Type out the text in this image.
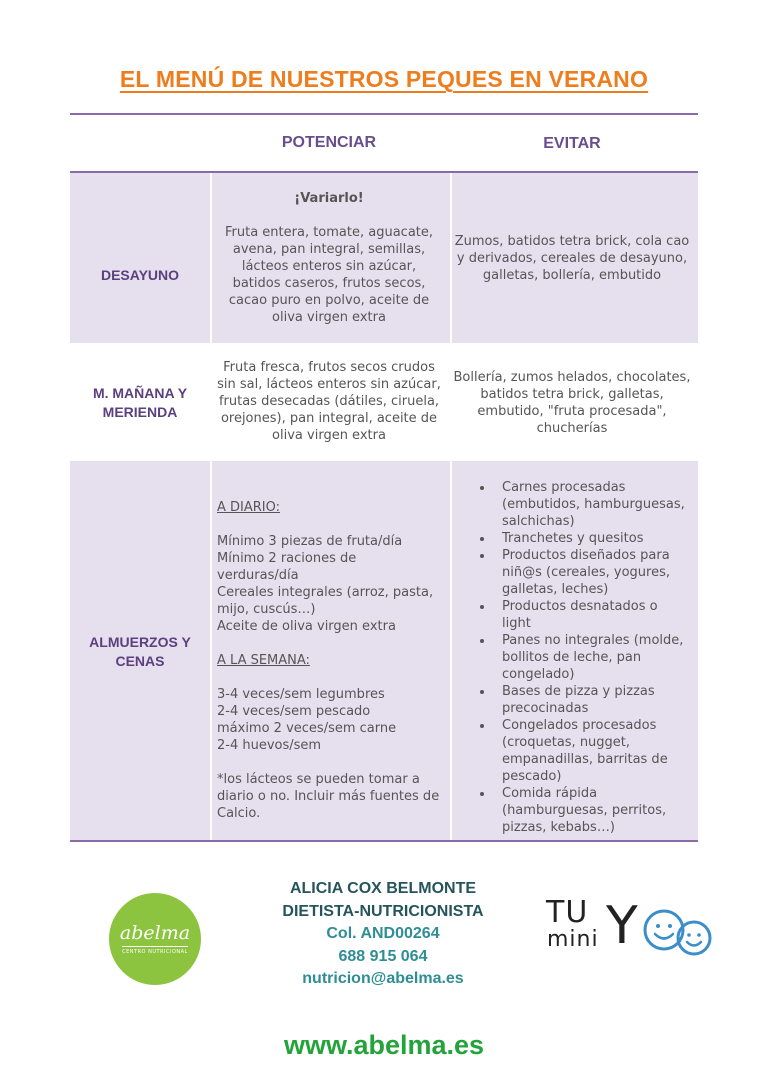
EL MENÚ DE NUESTROS PEQUES EN VERANO
POTENCIAR	EVITAR
DESAYUNO
¡Variarlo!
Fruta entera, tomate, aguacate, avena, pan integral, semillas, lácteos enteros sin azúcar, batidos caseros, frutos secos, cacao puro en polvo, aceite de oliva virgen extra
Zumos, batidos tetra brick, cola cao y derivados, cereales de desayuno, galletas, bollería, embutido
M. MAÑANA Y MERIENDA
Fruta fresca, frutos secos crudos sin sal, lácteos enteros sin azúcar, frutas desecadas (dátiles, ciruela, orejones), pan integral, aceite de oliva virgen extra
Bollería, zumos helados, chocolates, batidos tetra brick, galletas, embutido, "fruta procesada", chucherías
ALMUERZOS Y CENAS
A DIARIO:
Mínimo 3 piezas de fruta/día
Mínimo 2 raciones de verduras/día
Cereales integrales (arroz, pasta, mijo, cuscús…)
Aceite de oliva virgen extra
A LA SEMANA:
3-4 veces/sem legumbres
2-4 veces/sem pescado
máximo 2 veces/sem carne
2-4 huevos/sem
*los lácteos se pueden tomar a diario o no. Incluir más fuentes de Calcio.
Carnes procesadas (embutidos, hamburguesas, salchichas)
Tranchetes y quesitos
Productos diseñados para niñ@s (cereales, yogures, galletas, leches)
Productos desnatados o light
Panes no integrales (molde, bollitos de leche, pan congelado)
Bases de pizza y pizzas precocinadas
Congelados procesados (croquetas, nugget, empanadillas, barritas de pescado)
Comida rápida (hamburguesas, perritos, pizzas, kebabs…)
abelma
CENTRO NUTRICIONAL
ALICIA COX BELMONTE
DIETISTA-NUTRICIONISTA
Col. AND00264
688 915 064
nutricion@abelma.es
TU
mini Y
www.abelma.es
